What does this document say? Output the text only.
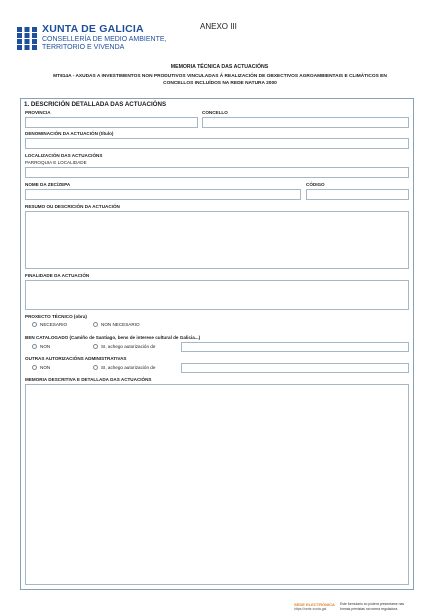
XUNTA DE GALICIA
CONSELLERÍA DE MEDIO AMBIENTE,
TERRITORIO E VIVENDA
ANEXO III
MEMORIA TÉCNICA DAS ACTUACIÓNS
MT814A - AXUDAS A INVESTIMENTOS NON PRODUTIVOS VINCULADAS Á REALIZACIÓN DE OBXECTIVOS AGROAMBIENTAIS E CLIMÁTICOS EN
CONCELLOS INCLUÍDOS NA REDE NATURA 2000
1. DESCRICIÓN DETALLADA DAS ACTUACIÓNS
PROVINCIA	CONCELLO
DENOMINACIÓN DA ACTUACIÓN (título)
LOCALIZACIÓN DAS ACTUACIÓNS
PARROQUIA E LOCALIDADE
NOME DA ZEC/ZEPA	CÓDIGO
RESUMO OU DESCRICIÓN DA ACTUACIÓN
FINALIDADE DA ACTUACIÓN
PROXECTO TÉCNICO (obra)
NECESARIO	NON NECESARIO
BEN CATALOGADO (Camiño de Santiago, bens de interese cultural de Galicia...)
NON	SI, achego autorización de
OUTRAS AUTORIZACIÓNS ADMINISTRATIVAS
NON	SI, achego autorización de
MEMORIA DESCRITIVA E DETALLADA DAS ACTUACIÓNS
SEDE ELECTRÓNICA
https://sede.xunta.gal
Este formulario só poderá presentarse nas
formas previstas na norma reguladora.
